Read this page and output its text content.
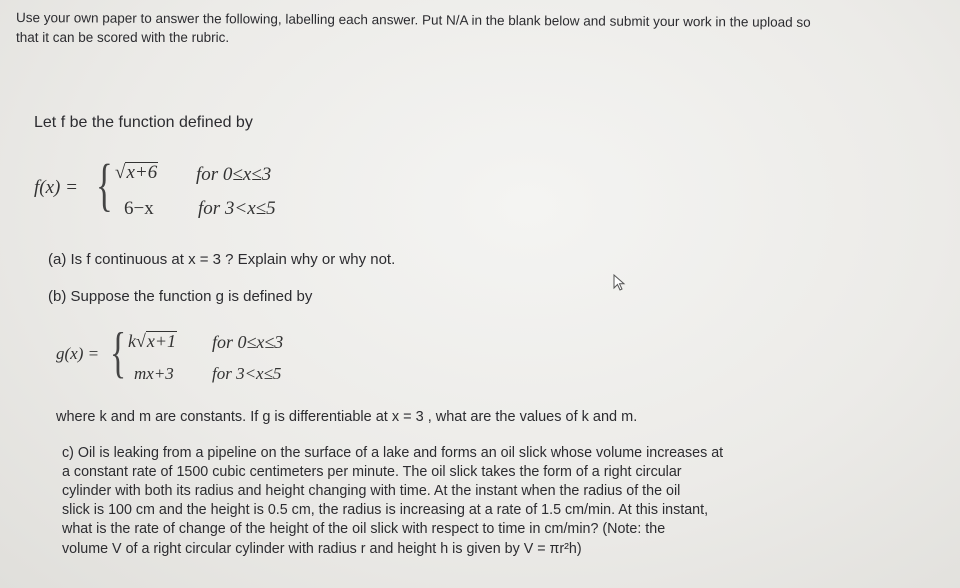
Use your own paper to answer the following, labelling each answer. Put N/A in the blank below and submit your work in the upload so
that it can be scored with the rubric.
Let f be the function defined by
f(x) = { √x+6 for 0≤x≤3
6−x for 3<x≤5
(a) Is f continuous at x = 3 ? Explain why or why not.
(b) Suppose the function g is defined by
g(x) = { k√x+1 for 0≤x≤3
mx+3 for 3<x≤5
where k and m are constants. If g is differentiable at x = 3 , what are the values of k and m.
c) Oil is leaking from a pipeline on the surface of a lake and forms an oil slick whose volume increases at
a constant rate of 1500 cubic centimeters per minute. The oil slick takes the form of a right circular
cylinder with both its radius and height changing with time. At the instant when the radius of the oil
slick is 100 cm and the height is 0.5 cm, the radius is increasing at a rate of 1.5 cm/min. At this instant,
what is the rate of change of the height of the oil slick with respect to time in cm/min? (Note: the
volume V of a right circular cylinder with radius r and height h is given by V = πr²h)
